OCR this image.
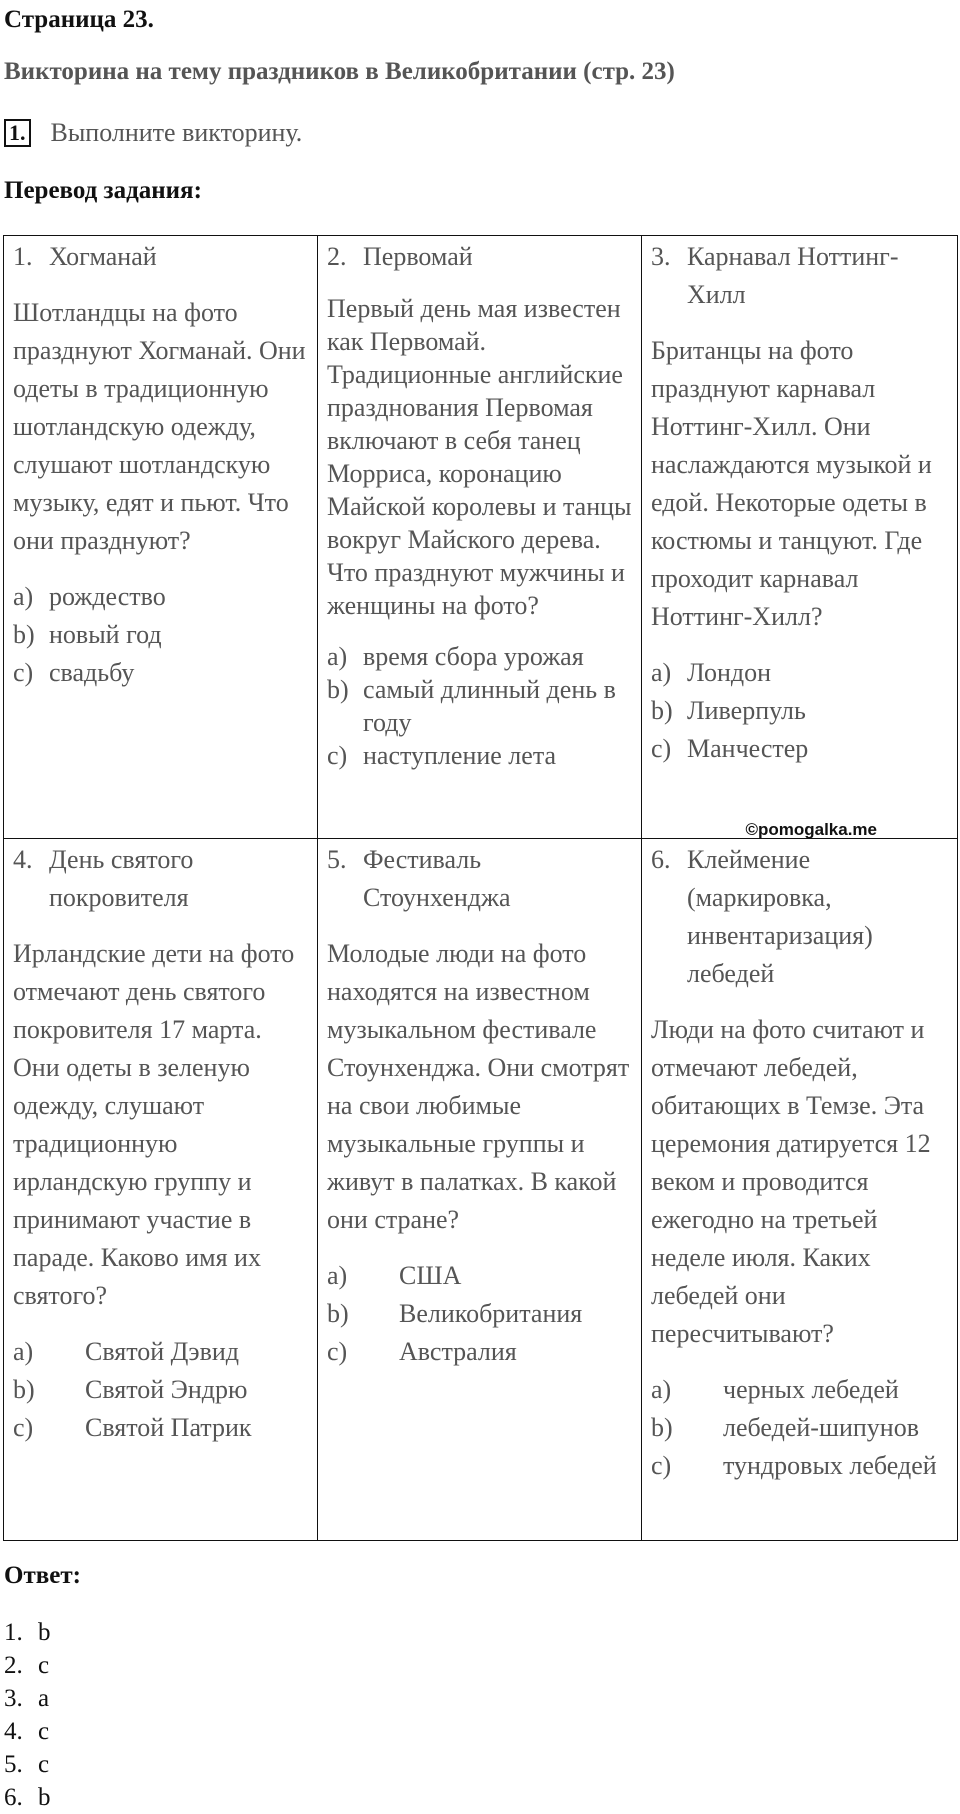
Страница 23.
Викторина на тему праздников в Великобритании (стр. 23)
1. Выполните викторину.
Перевод задания:
1. Хогманай
Шотландцы на фото празднуют Хогманай. Они одеты в традиционную шотландскую одежду, слушают шотландскую музыку, едят и пьют. Что они празднуют?
a) рождество
b) новый год
c) свадьбу
2. Первомай
Первый день мая известен как Первомай. Традиционные английские празднования Первомая включают в себя танец Морриса, коронацию Майской королевы и танцы вокруг Майского дерева. Что празднуют мужчины и женщины на фото?
a) время сбора урожая
b) самый длинный день в году
c) наступление лета
3. Карнавал Ноттинг-Хилл
Британцы на фото празднуют карнавал Ноттинг-Хилл. Они наслаждаются музыкой и едой. Некоторые одеты в костюмы и танцуют. Где проходит карнавал Ноттинг-Хилл?
a) Лондон
b) Ливерпуль
c) Манчестер
©pomogalka.me
4. День святого покровителя
Ирландские дети на фото отмечают день святого покровителя 17 марта. Они одеты в зеленую одежду, слушают традиционную ирландскую группу и принимают участие в параде. Каково имя их святого?
a)	Святой Дэвид
b)	Святой Эндрю
c)	Святой Патрик
5. Фестиваль Стоунхенджа
Молодые люди на фото находятся на известном музыкальном фестивале Стоунхенджа. Они смотрят на свои любимые музыкальные группы и живут в палатках. В какой они стране?
a)	США
b)	Великобритания
c)	Австралия
6. Клеймение (маркировка, инвентаризация) лебедей
Люди на фото считают и отмечают лебедей, обитающих в Темзе. Эта церемония датируется 12 веком и проводится ежегодно на третьей неделе июля. Каких лебедей они пересчитывают?
a)	черных лебедей
b)	лебедей-шипунов
c)	тундровых лебедей
Ответ:
1. b
2. c
3. a
4. c
5. c
6. b
